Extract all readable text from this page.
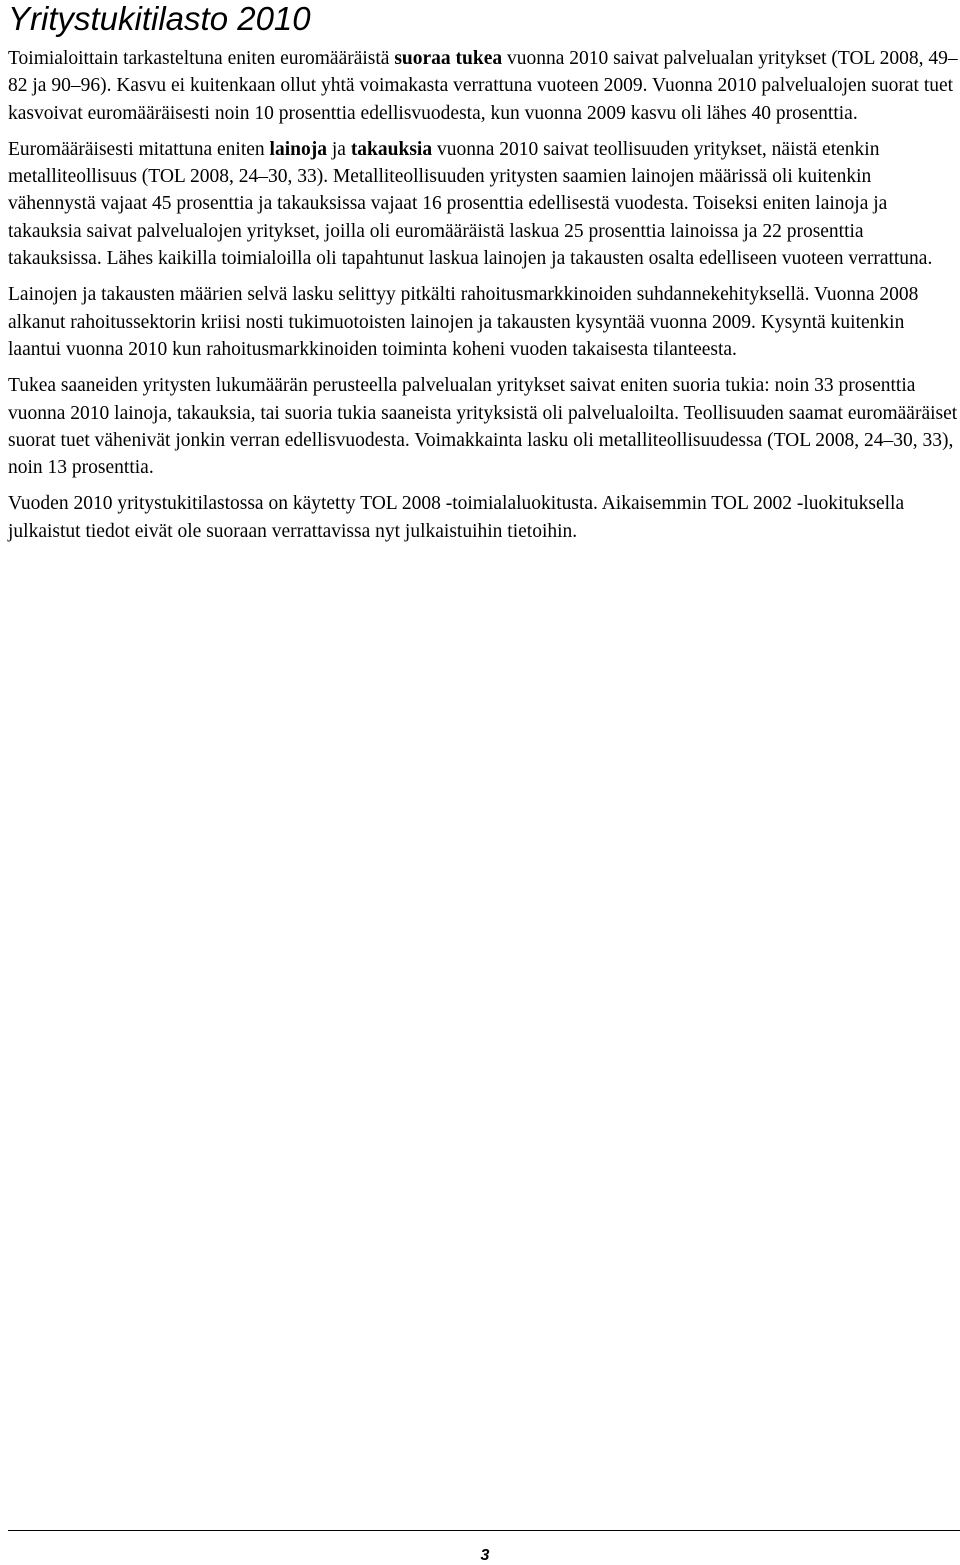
Yritystukitilasto 2010

Toimialoittain tarkasteltuna eniten euromääräistä suoraa tukea vuonna 2010 saivat palvelualan yritykset (TOL 2008, 49–82 ja 90–96). Kasvu ei kuitenkaan ollut yhtä voimakasta verrattuna vuoteen 2009. Vuonna 2010 palvelualojen suorat tuet kasvoivat euromääräisesti noin 10 prosenttia edellisvuodesta, kun vuonna 2009 kasvu oli lähes 40 prosenttia.

Euromääräisesti mitattuna eniten lainoja ja takauksia vuonna 2010 saivat teollisuuden yritykset, näistä etenkin metalliteollisuus (TOL 2008, 24–30, 33). Metalliteollisuuden yritysten saamien lainojen määrissä oli kuitenkin vähennystä vajaat 45 prosenttia ja takauksissa vajaat 16 prosenttia edellisestä vuodesta. Toiseksi eniten lainoja ja takauksia saivat palvelualojen yritykset, joilla oli euromääräistä laskua 25 prosenttia lainoissa ja 22 prosenttia takauksissa. Lähes kaikilla toimialoilla oli tapahtunut laskua lainojen ja takausten osalta edelliseen vuoteen verrattuna.

Lainojen ja takausten määrien selvä lasku selittyy pitkälti rahoitusmarkkinoiden suhdannekehityksellä. Vuonna 2008 alkanut rahoitussektorin kriisi nosti tukimuotoisten lainojen ja takausten kysyntää vuonna 2009. Kysyntä kuitenkin laantui vuonna 2010 kun rahoitusmarkkinoiden toiminta koheni vuoden takaisesta tilanteesta.

Tukea saaneiden yritysten lukumäärän perusteella palvelualan yritykset saivat eniten suoria tukia: noin 33 prosenttia vuonna 2010 lainoja, takauksia, tai suoria tukia saaneista yrityksistä oli palvelualoilta. Teollisuuden saamat euromääräiset suorat tuet vähenivät jonkin verran edellisvuodesta. Voimakkainta lasku oli metalliteollisuudessa (TOL 2008, 24–30, 33), noin 13 prosenttia.

Vuoden 2010 yritystukitilastossa on käytetty TOL 2008 -toimialaluokitusta. Aikaisemmin TOL 2002 -luokituksella julkaistut tiedot eivät ole suoraan verrattavissa nyt julkaistuihin tietoihin.

3
